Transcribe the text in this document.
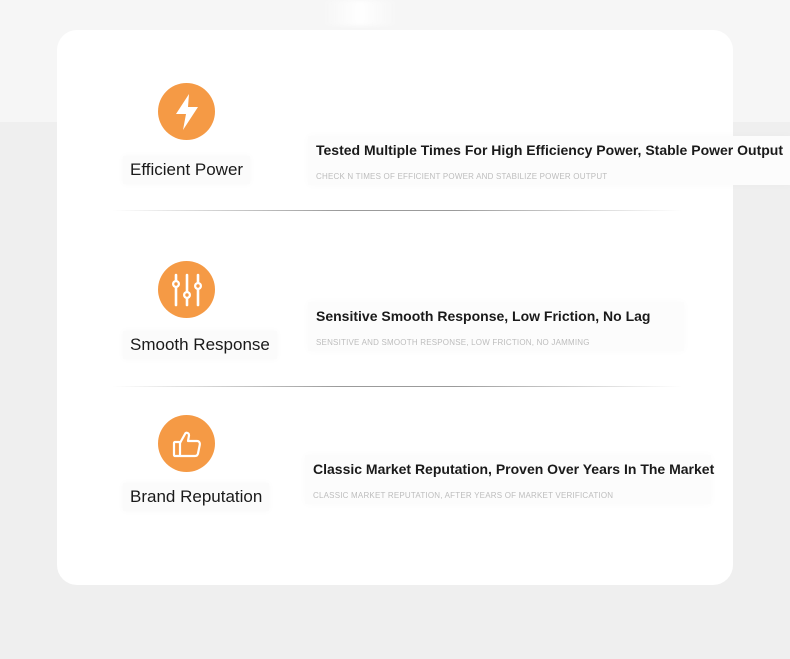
Efficient Power
Tested Multiple Times For High Efficiency Power, Stable Power Output
CHECK N TIMES OF EFFICIENT POWER AND STABILIZE POWER OUTPUT
Smooth Response
Sensitive Smooth Response, Low Friction, No Lag
SENSITIVE AND SMOOTH RESPONSE, LOW FRICTION, NO JAMMING
Brand Reputation
Classic Market Reputation, Proven Over Years In The Market
CLASSIC MARKET REPUTATION, AFTER YEARS OF MARKET VERIFICATION
